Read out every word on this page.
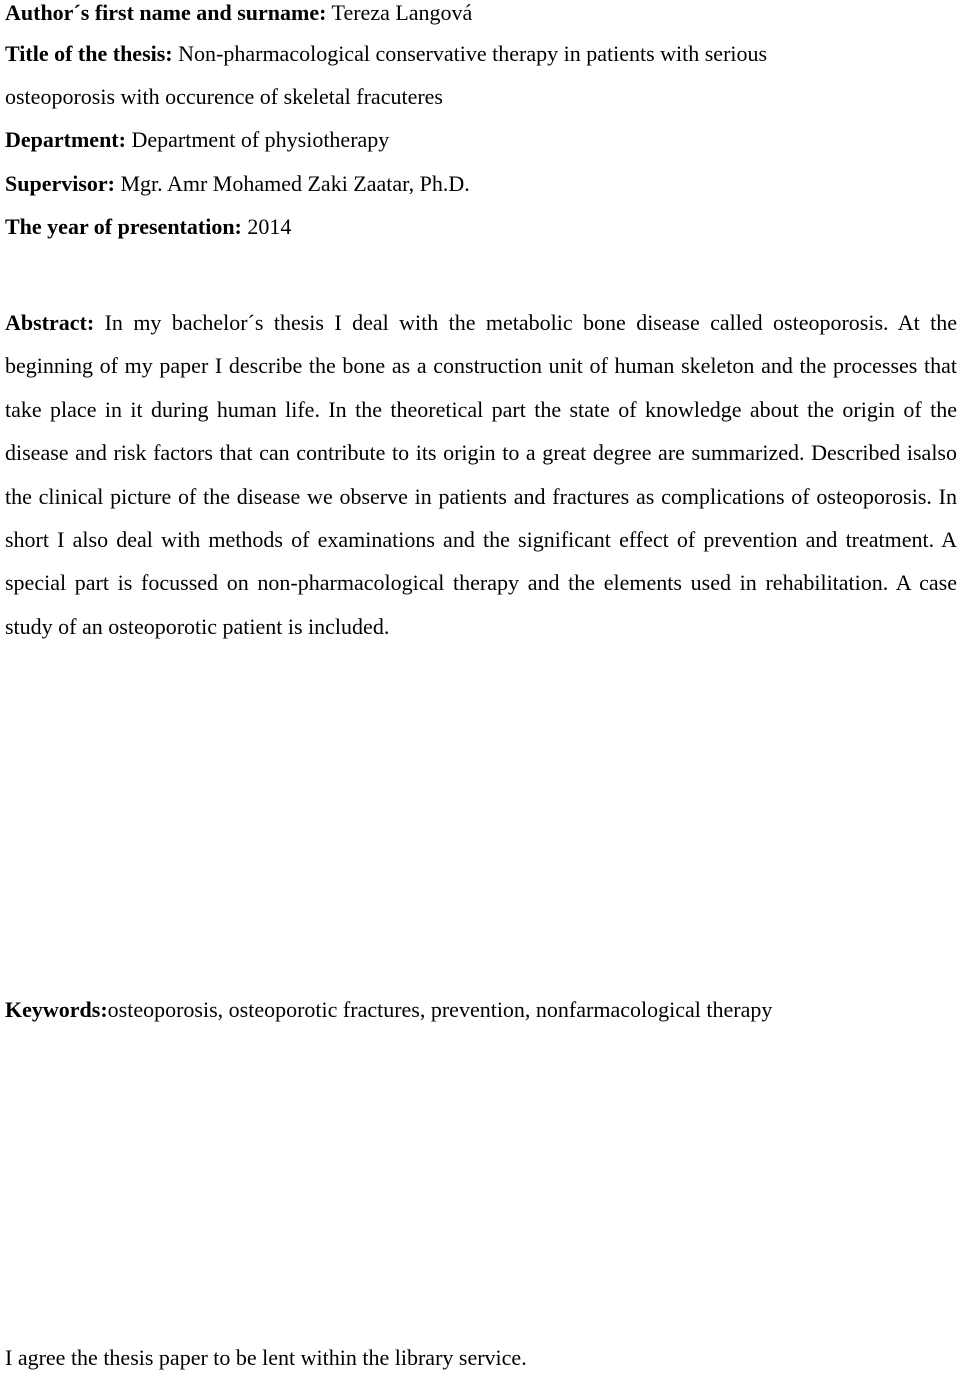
Author´s first name and surname: Tereza Langová
Title of the thesis: Non-pharmacological conservative therapy in patients with serious
osteoporosis with occurence of skeletal fracuteres
Department: Department of physiotherapy
Supervisor: Mgr. Amr Mohamed Zaki Zaatar, Ph.D.
The year of presentation: 2014
Abstract: In my bachelor´s thesis I deal with the metabolic bone disease called osteoporosis. At the beginning of my paper I describe the bone as a construction unit of human skeleton and the processes that take place in it during human life. In the theoretical part the state of knowledge about the origin of the disease and risk factors that can contribute to its origin to a great degree are summarized. Described isalso the clinical picture of the disease we observe in patients and fractures as complications of osteoporosis. In short I also deal with methods of examinations and the significant effect of prevention and treatment. A special part is focussed on non-pharmacological therapy and the elements used in rehabilitation. A case study of an osteoporotic patient is included.
Keywords:osteoporosis, osteoporotic fractures, prevention, nonfarmacological therapy
I agree the thesis paper to be lent within the library service.
